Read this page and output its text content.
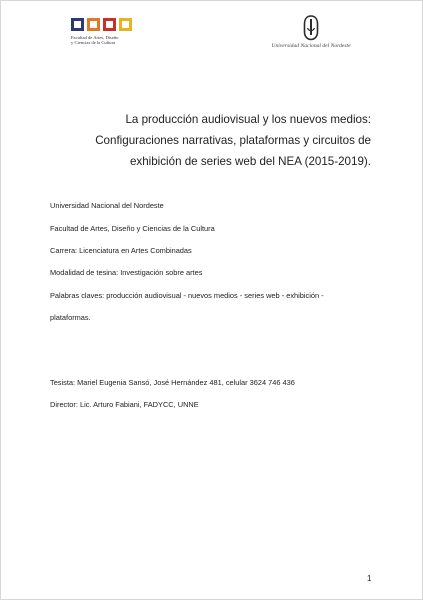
Facultad de Artes, Diseño
y Ciencias de la Cultura
Universidad Nacional del Nordeste
La producción audiovisual y los nuevos medios: Configuraciones narrativas, plataformas y circuitos de exhibición de series web del NEA (2015-2019).
Universidad Nacional del Nordeste
Facultad de Artes, Diseño y Ciencias de la Cultura
Carrera: Licenciatura en Artes Combinadas
Modalidad de tesina: Investigación sobre artes
Palabras claves: producción audiovisual - nuevos medios - series web - exhibición -
plataformas.
Tesista: Mariel Eugenia Sansó, José Hernández 481, celular 3624 746 436
Director: Lic. Arturo Fabiani, FADYCC, UNNE
1
